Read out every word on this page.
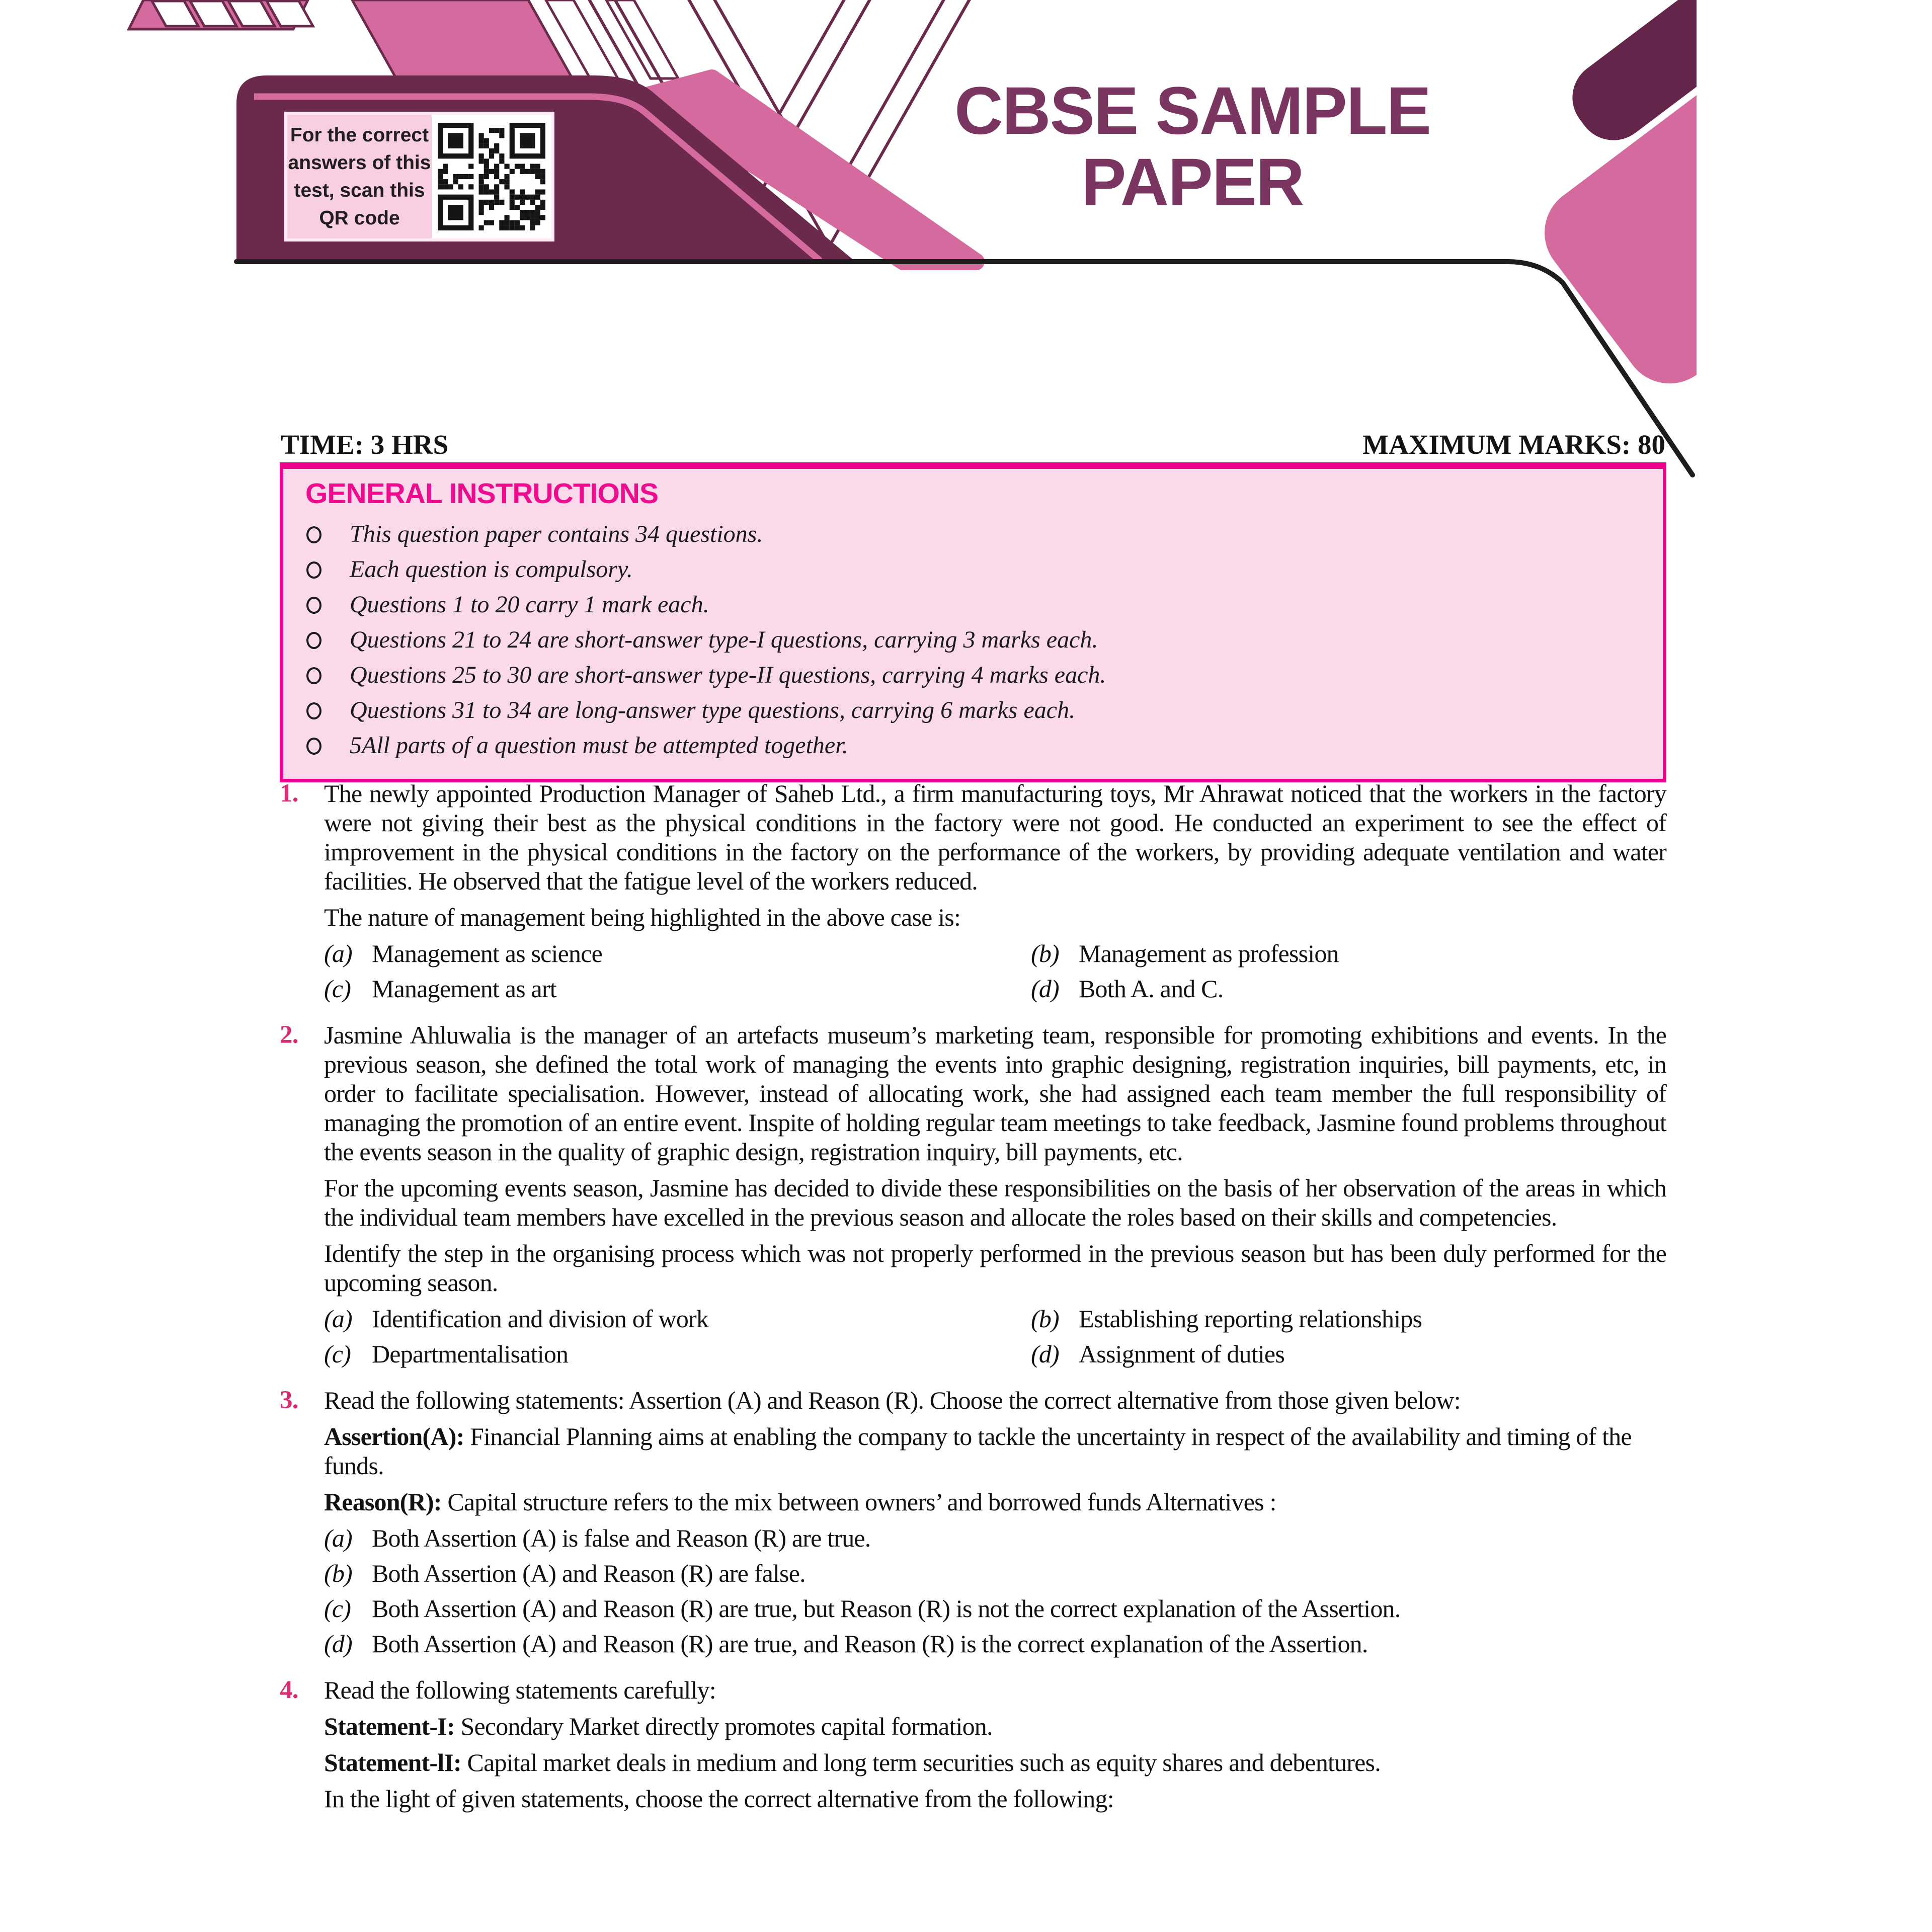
For the correct
answers of this
test, scan this
QR code
CBSE SAMPLE
PAPER
TIME: 3 HRS	MAXIMUM MARKS: 80
GENERAL INSTRUCTIONS
This question paper contains 34 questions.
Each question is compulsory.
Questions 1 to 20 carry 1 mark each.
Questions 21 to 24 are short-answer type-I questions, carrying 3 marks each.
Questions 25 to 30 are short-answer type-II questions, carrying 4 marks each.
Questions 31 to 34 are long-answer type questions, carrying 6 marks each.
5All parts of a question must be attempted together.
1.	The newly appointed Production Manager of Saheb Ltd., a firm manufacturing toys, Mr Ahrawat noticed that the workers in the factory were not giving their best as the physical conditions in the factory were not good. He conducted an experiment to see the effect of improvement in the physical conditions in the factory on the performance of the workers, by providing adequate ventilation and water facilities. He observed that the fatigue level of the workers reduced.

The nature of management being highlighted in the above case is:

(a) Management as science	(b) Management as profession
(c) Management as art	(d) Both A. and C.
2.	Jasmine Ahluwalia is the manager of an artefacts museum’s marketing team, responsible for promoting exhibitions and events. In the previous season, she defined the total work of managing the events into graphic designing, registration inquiries, bill payments, etc, in order to facilitate specialisation. However, instead of allocating work, she had assigned each team member the full responsibility of managing the promotion of an entire event. Inspite of holding regular team meetings to take feedback, Jasmine found problems throughout the events season in the quality of graphic design, registration inquiry, bill payments, etc.

For the upcoming events season, Jasmine has decided to divide these responsibilities on the basis of her observation of the areas in which the individual team members have excelled in the previous season and allocate the roles based on their skills and competencies.

Identify the step in the organising process which was not properly performed in the previous season but has been duly performed for the upcoming season.

(a) Identification and division of work	(b) Establishing reporting relationships
(c) Departmentalisation	(d) Assignment of duties
3.	Read the following statements: Assertion (A) and Reason (R). Choose the correct alternative from those given below:

Assertion(A): Financial Planning aims at enabling the company to tackle the uncertainty in respect of the availability and timing of the funds.

Reason(R): Capital structure refers to the mix between owners’ and borrowed funds Alternatives :

(a) Both Assertion (A) is false and Reason (R) are true.
(b) Both Assertion (A) and Reason (R) are false.
(c) Both Assertion (A) and Reason (R) are true, but Reason (R) is not the correct explanation of the Assertion.
(d) Both Assertion (A) and Reason (R) are true, and Reason (R) is the correct explanation of the Assertion.
4.	Read the following statements carefully:

Statement-I: Secondary Market directly promotes capital formation.

Statement-lI: Capital market deals in medium and long term securities such as equity shares and debentures.

In the light of given statements, choose the correct alternative from the following:
